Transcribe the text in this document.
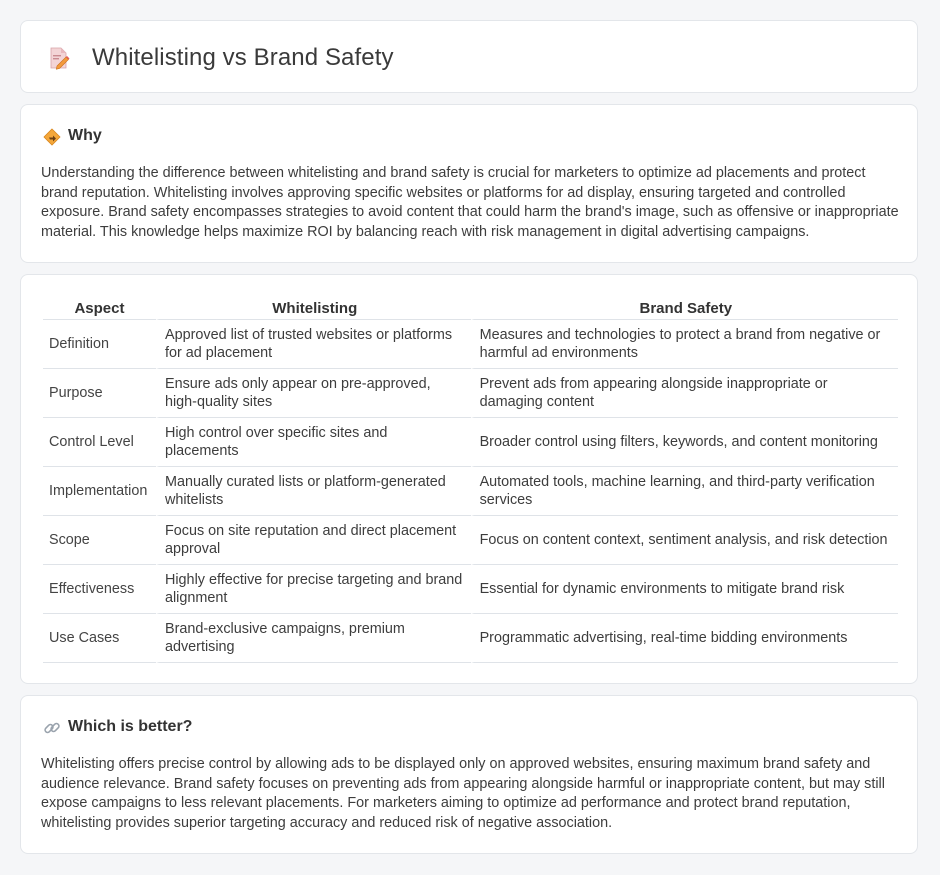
Whitelisting vs Brand Safety
Why

Understanding the difference between whitelisting and brand safety is crucial for marketers to optimize ad placements and protect brand reputation. Whitelisting involves approving specific websites or platforms for ad display, ensuring targeted and controlled exposure. Brand safety encompasses strategies to avoid content that could harm the brand's image, such as offensive or inappropriate material. This knowledge helps maximize ROI by balancing reach with risk management in digital advertising campaigns.

Aspect	Whitelisting	Brand Safety
Definition	Approved list of trusted websites or platforms for ad placement	Measures and technologies to protect a brand from negative or harmful ad environments
Purpose	Ensure ads only appear on pre-approved, high-quality sites	Prevent ads from appearing alongside inappropriate or damaging content
Control Level	High control over specific sites and placements	Broader control using filters, keywords, and content monitoring
Implementation	Manually curated lists or platform-generated whitelists	Automated tools, machine learning, and third-party verification services
Scope	Focus on site reputation and direct placement approval	Focus on content context, sentiment analysis, and risk detection
Effectiveness	Highly effective for precise targeting and brand alignment	Essential for dynamic environments to mitigate brand risk
Use Cases	Brand-exclusive campaigns, premium advertising	Programmatic advertising, real-time bidding environments
Which is better?

Whitelisting offers precise control by allowing ads to be displayed only on approved websites, ensuring maximum brand safety and audience relevance. Brand safety focuses on preventing ads from appearing alongside harmful or inappropriate content, but may still expose campaigns to less relevant placements. For marketers aiming to optimize ad performance and protect brand reputation, whitelisting provides superior targeting accuracy and reduced risk of negative association.
